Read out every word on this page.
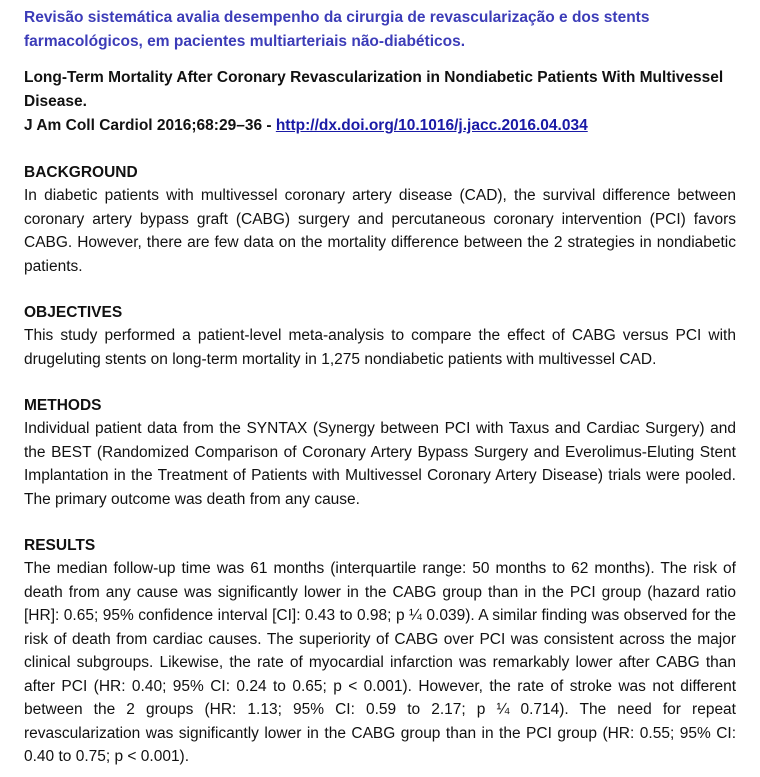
Revisão sistemática avalia desempenho da cirurgia de revascularização e dos stents farmacológicos, em pacientes multiarteriais não-diabéticos.

Long-Term Mortality After Coronary Revascularization in Nondiabetic Patients With Multivessel Disease.

J Am Coll Cardiol 2016;68:29–36 - http://dx.doi.org/10.1016/j.jacc.2016.04.034

BACKGROUND

In diabetic patients with multivessel coronary artery disease (CAD), the survival difference between coronary artery bypass graft (CABG) surgery and percutaneous coronary intervention (PCI) favors CABG. However, there are few data on the mortality difference between the 2 strategies in nondiabetic patients.

OBJECTIVES

This study performed a patient-level meta-analysis to compare the effect of CABG versus PCI with drugeluting stents on long-term mortality in 1,275 nondiabetic patients with multivessel CAD.

METHODS

Individual patient data from the SYNTAX (Synergy between PCI with Taxus and Cardiac Surgery) and the BEST (Randomized Comparison of Coronary Artery Bypass Surgery and Everolimus-Eluting Stent Implantation in the Treatment of Patients with Multivessel Coronary Artery Disease) trials were pooled. The primary outcome was death from any cause.

RESULTS

The median follow-up time was 61 months (interquartile range: 50 months to 62 months). The risk of death from any cause was significantly lower in the CABG group than in the PCI group (hazard ratio [HR]: 0.65; 95% confidence interval [CI]: 0.43 to 0.98; p ¼ 0.039). A similar finding was observed for the risk of death from cardiac causes. The superiority of CABG over PCI was consistent across the major clinical subgroups. Likewise, the rate of myocardial infarction was remarkably lower after CABG than after PCI (HR: 0.40; 95% CI: 0.24 to 0.65; p < 0.001). However, the rate of stroke was not different between the 2 groups (HR: 1.13; 95% CI: 0.59 to 2.17; p ¼ 0.714). The need for repeat revascularization was significantly lower in the CABG group than in the PCI group (HR: 0.55; 95% CI: 0.40 to 0.75; p < 0.001).
